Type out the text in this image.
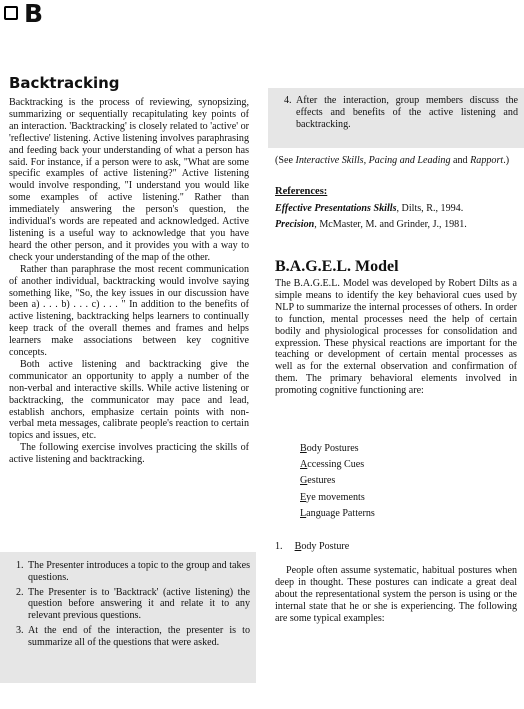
B
Backtracking

Backtracking is the process of reviewing, synopsizing, summarizing or sequentially recapitulating key points of an interaction. 'Backtracking' is closely related to 'active' or 'reflective' listening. Active listening involves paraphrasing and feeding back your understanding of what a person has said. For instance, if a person were to ask, "What are some specific examples of active listening?" Active listening would involve responding, "I understand you would like some examples of active listening." Rather than immediately answering the person's question, the individual's words are repeated and acknowledged. Active listening is a useful way to acknowledge that you have heard the other person, and it provides you with a way to check your understanding of the map of the other.

Rather than paraphrase the most recent communication of another individual, backtracking would involve saying something like, "So, the key issues in our discussion have been a) . . . b) . . . c) . . . " In addition to the benefits of active listening, backtracking helps learners to continually keep track of the overall themes and frames and helps learners make associations between key cognitive concepts.

Both active listening and backtracking give the communicator an opportunity to apply a number of the non-verbal and interactive skills. While active listening or backtracking, the communicator may pace and lead, establish anchors, emphasize certain points with non-verbal meta messages, calibrate people's reaction to certain topics and issues, etc.

The following exercise involves practicing the skills of active listening and backtracking.

1. The Presenter introduces a topic to the group and takes questions.
2. The Presenter is to 'Backtrack' (active listening) the question before answering it and relate it to any relevant previous questions.
3. At the end of the interaction, the presenter is to summarize all of the questions that were asked.
4. After the interaction, group members discuss the effects and benefits of the active listening and backtracking.
(See Interactive Skills, Pacing and Leading and Rapport.)
References:
Effective Presentations Skills, Dilts, R., 1994.
Precision, McMaster, M. and Grinder, J., 1981.
B.A.G.E.L. Model
The B.A.G.E.L. Model was developed by Robert Dilts as a simple means to identify the key behavioral cues used by NLP to summarize the internal processes of others. In order to function, mental processes need the help of certain bodily and physiological processes for consolidation and expression. These physical reactions are important for the teaching or development of certain mental processes as well as for the external observation and confirmation of them. The primary behavioral elements involved in promoting cognitive functioning are:
Body Postures
Accessing Cues
Gestures
Eye movements
Language Patterns
1. Body Posture
People often assume systematic, habitual postures when deep in thought. These postures can indicate a great deal about the representational system the person is using or the internal state that he or she is experiencing. The following are some typical examples:
